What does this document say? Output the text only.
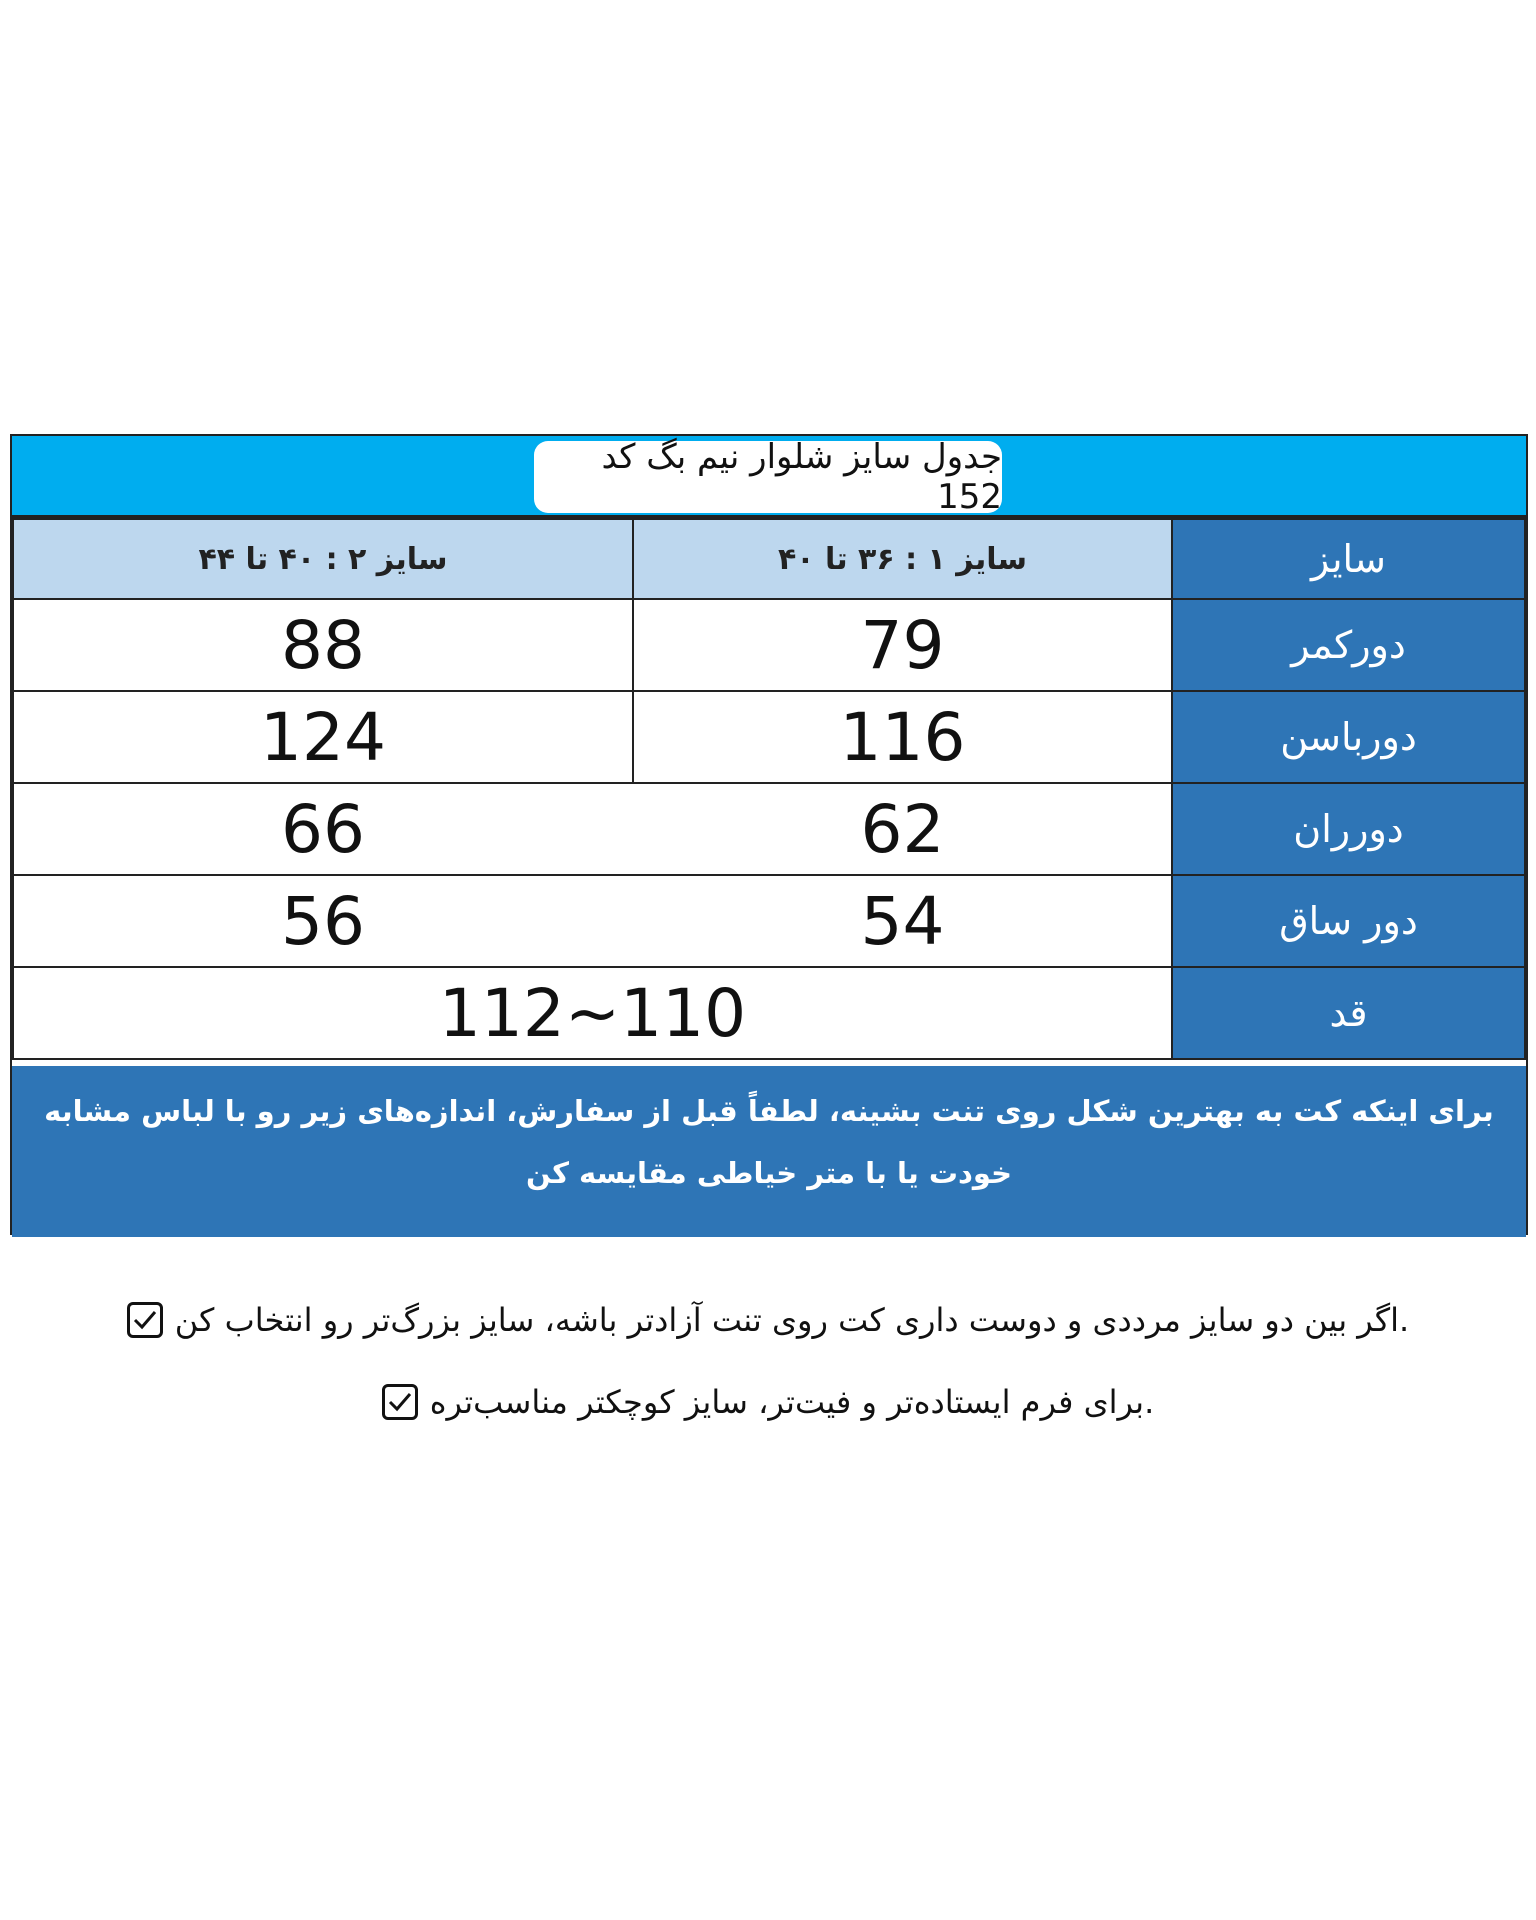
جدول سایز شلوار نیم بگ کد 152
سایز	سایز ۱ : ۳۶ تا ۴۰	سایز ۲ : ۴۰ تا ۴۴
دورکمر	79	88
دورباسن	116	124
دورران	62	66
دور ساق	54	56
قد	110~112	
برای اینکه کت به بهترین شکل روی تنت بشینه، لطفاً قبل از سفارش، اندازه‌های زیر رو با لباس مشابه خودت یا با متر خیاطی مقایسه کن
.اگر بین دو سایز مرددی و دوست داری کت روی تنت آزادتر باشه، سایز بزرگ‌تر رو انتخاب کن
.برای فرم ایستاده‌تر و فیت‌تر، سایز کوچکتر مناسب‌تره
